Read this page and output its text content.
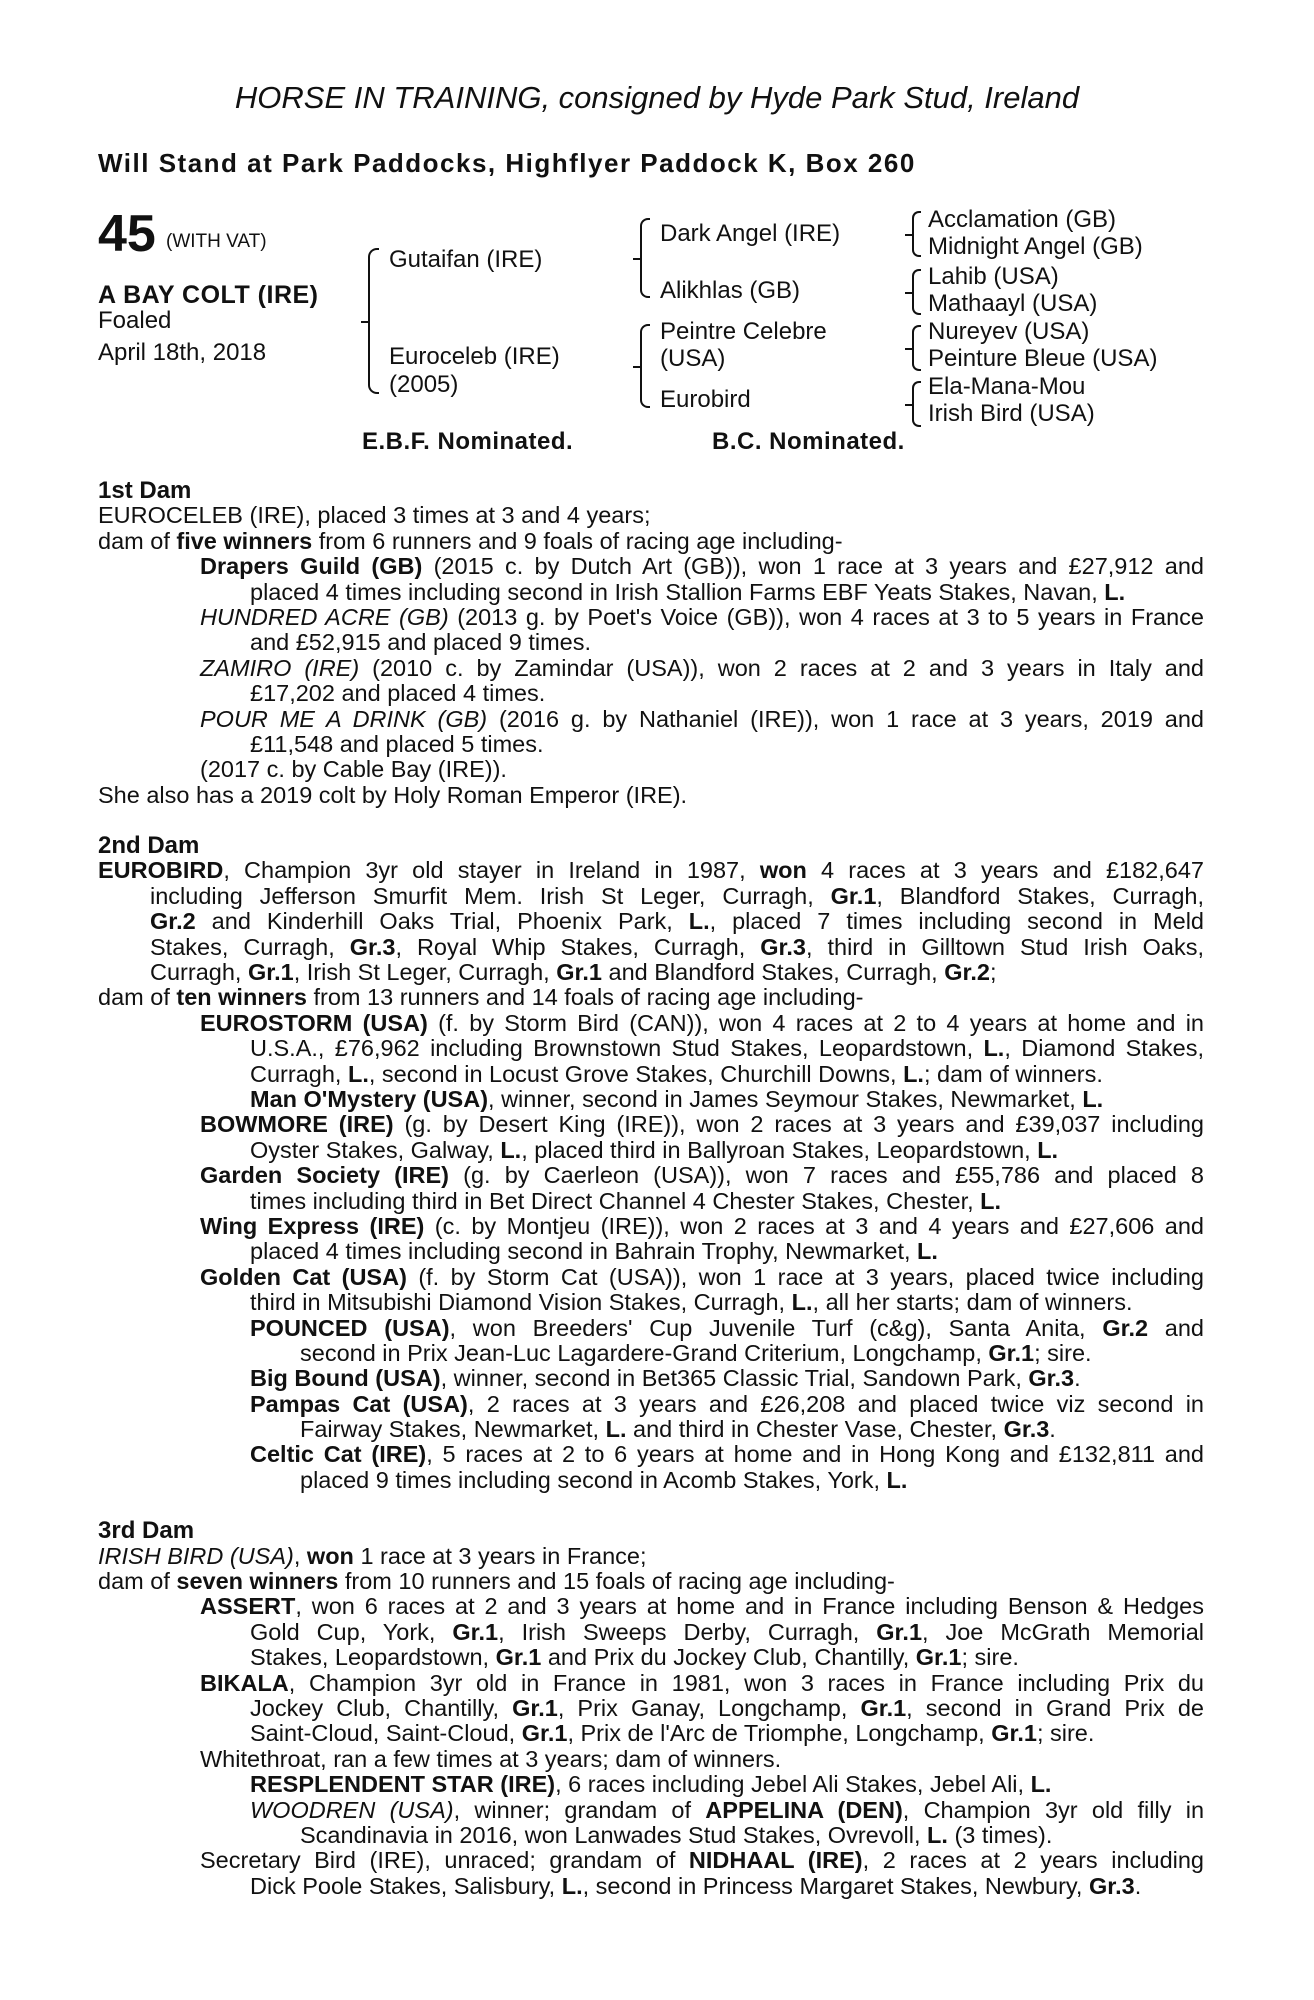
HORSE IN TRAINING, consigned by Hyde Park Stud, Ireland
Will Stand at Park Paddocks, Highflyer Paddock K, Box 260
45 (WITH VAT)
A BAY COLT (IRE)
Foaled
April 18th, 2018
Gutaifan (IRE)
Euroceleb (IRE)
(2005)
Dark Angel (IRE)
Alikhlas (GB)
Peintre Celebre
(USA)
Eurobird
Acclamation (GB)
Midnight Angel (GB)
Lahib (USA)
Mathaayl (USA)
Nureyev (USA)
Peinture Bleue (USA)
Ela-Mana-Mou
Irish Bird (USA)
E.B.F. Nominated.	B.C. Nominated.
1st Dam
EUROCELEB (IRE), placed 3 times at 3 and 4 years;
dam of five winners from 6 runners and 9 foals of racing age including-
Drapers Guild (GB) (2015 c. by Dutch Art (GB)), won 1 race at 3 years and £27,912 and
placed 4 times including second in Irish Stallion Farms EBF Yeats Stakes, Navan, L.
HUNDRED ACRE (GB) (2013 g. by Poet's Voice (GB)), won 4 races at 3 to 5 years in France
and £52,915 and placed 9 times.
ZAMIRO (IRE) (2010 c. by Zamindar (USA)), won 2 races at 2 and 3 years in Italy and
£17,202 and placed 4 times.
POUR ME A DRINK (GB) (2016 g. by Nathaniel (IRE)), won 1 race at 3 years, 2019 and
£11,548 and placed 5 times.
(2017 c. by Cable Bay (IRE)).
She also has a 2019 colt by Holy Roman Emperor (IRE).
2nd Dam
EUROBIRD, Champion 3yr old stayer in Ireland in 1987, won 4 races at 3 years and £182,647
including Jefferson Smurfit Mem. Irish St Leger, Curragh, Gr.1, Blandford Stakes, Curragh,
Gr.2 and Kinderhill Oaks Trial, Phoenix Park, L., placed 7 times including second in Meld
Stakes, Curragh, Gr.3, Royal Whip Stakes, Curragh, Gr.3, third in Gilltown Stud Irish Oaks,
Curragh, Gr.1, Irish St Leger, Curragh, Gr.1 and Blandford Stakes, Curragh, Gr.2;
dam of ten winners from 13 runners and 14 foals of racing age including-
EUROSTORM (USA) (f. by Storm Bird (CAN)), won 4 races at 2 to 4 years at home and in
U.S.A., £76,962 including Brownstown Stud Stakes, Leopardstown, L., Diamond Stakes,
Curragh, L., second in Locust Grove Stakes, Churchill Downs, L.; dam of winners.
Man O'Mystery (USA), winner, second in James Seymour Stakes, Newmarket, L.
BOWMORE (IRE) (g. by Desert King (IRE)), won 2 races at 3 years and £39,037 including
Oyster Stakes, Galway, L., placed third in Ballyroan Stakes, Leopardstown, L.
Garden Society (IRE) (g. by Caerleon (USA)), won 7 races and £55,786 and placed 8
times including third in Bet Direct Channel 4 Chester Stakes, Chester, L.
Wing Express (IRE) (c. by Montjeu (IRE)), won 2 races at 3 and 4 years and £27,606 and
placed 4 times including second in Bahrain Trophy, Newmarket, L.
Golden Cat (USA) (f. by Storm Cat (USA)), won 1 race at 3 years, placed twice including
third in Mitsubishi Diamond Vision Stakes, Curragh, L., all her starts; dam of winners.
POUNCED (USA), won Breeders' Cup Juvenile Turf (c&g), Santa Anita, Gr.2 and
second in Prix Jean-Luc Lagardere-Grand Criterium, Longchamp, Gr.1; sire.
Big Bound (USA), winner, second in Bet365 Classic Trial, Sandown Park, Gr.3.
Pampas Cat (USA), 2 races at 3 years and £26,208 and placed twice viz second in
Fairway Stakes, Newmarket, L. and third in Chester Vase, Chester, Gr.3.
Celtic Cat (IRE), 5 races at 2 to 6 years at home and in Hong Kong and £132,811 and
placed 9 times including second in Acomb Stakes, York, L.
3rd Dam
IRISH BIRD (USA), won 1 race at 3 years in France;
dam of seven winners from 10 runners and 15 foals of racing age including-
ASSERT, won 6 races at 2 and 3 years at home and in France including Benson & Hedges
Gold Cup, York, Gr.1, Irish Sweeps Derby, Curragh, Gr.1, Joe McGrath Memorial
Stakes, Leopardstown, Gr.1 and Prix du Jockey Club, Chantilly, Gr.1; sire.
BIKALA, Champion 3yr old in France in 1981, won 3 races in France including Prix du
Jockey Club, Chantilly, Gr.1, Prix Ganay, Longchamp, Gr.1, second in Grand Prix de
Saint-Cloud, Saint-Cloud, Gr.1, Prix de l'Arc de Triomphe, Longchamp, Gr.1; sire.
Whitethroat, ran a few times at 3 years; dam of winners.
RESPLENDENT STAR (IRE), 6 races including Jebel Ali Stakes, Jebel Ali, L.
WOODREN (USA), winner; grandam of APPELINA (DEN), Champion 3yr old filly in
Scandinavia in 2016, won Lanwades Stud Stakes, Ovrevoll, L. (3 times).
Secretary Bird (IRE), unraced; grandam of NIDHAAL (IRE), 2 races at 2 years including
Dick Poole Stakes, Salisbury, L., second in Princess Margaret Stakes, Newbury, Gr.3.
